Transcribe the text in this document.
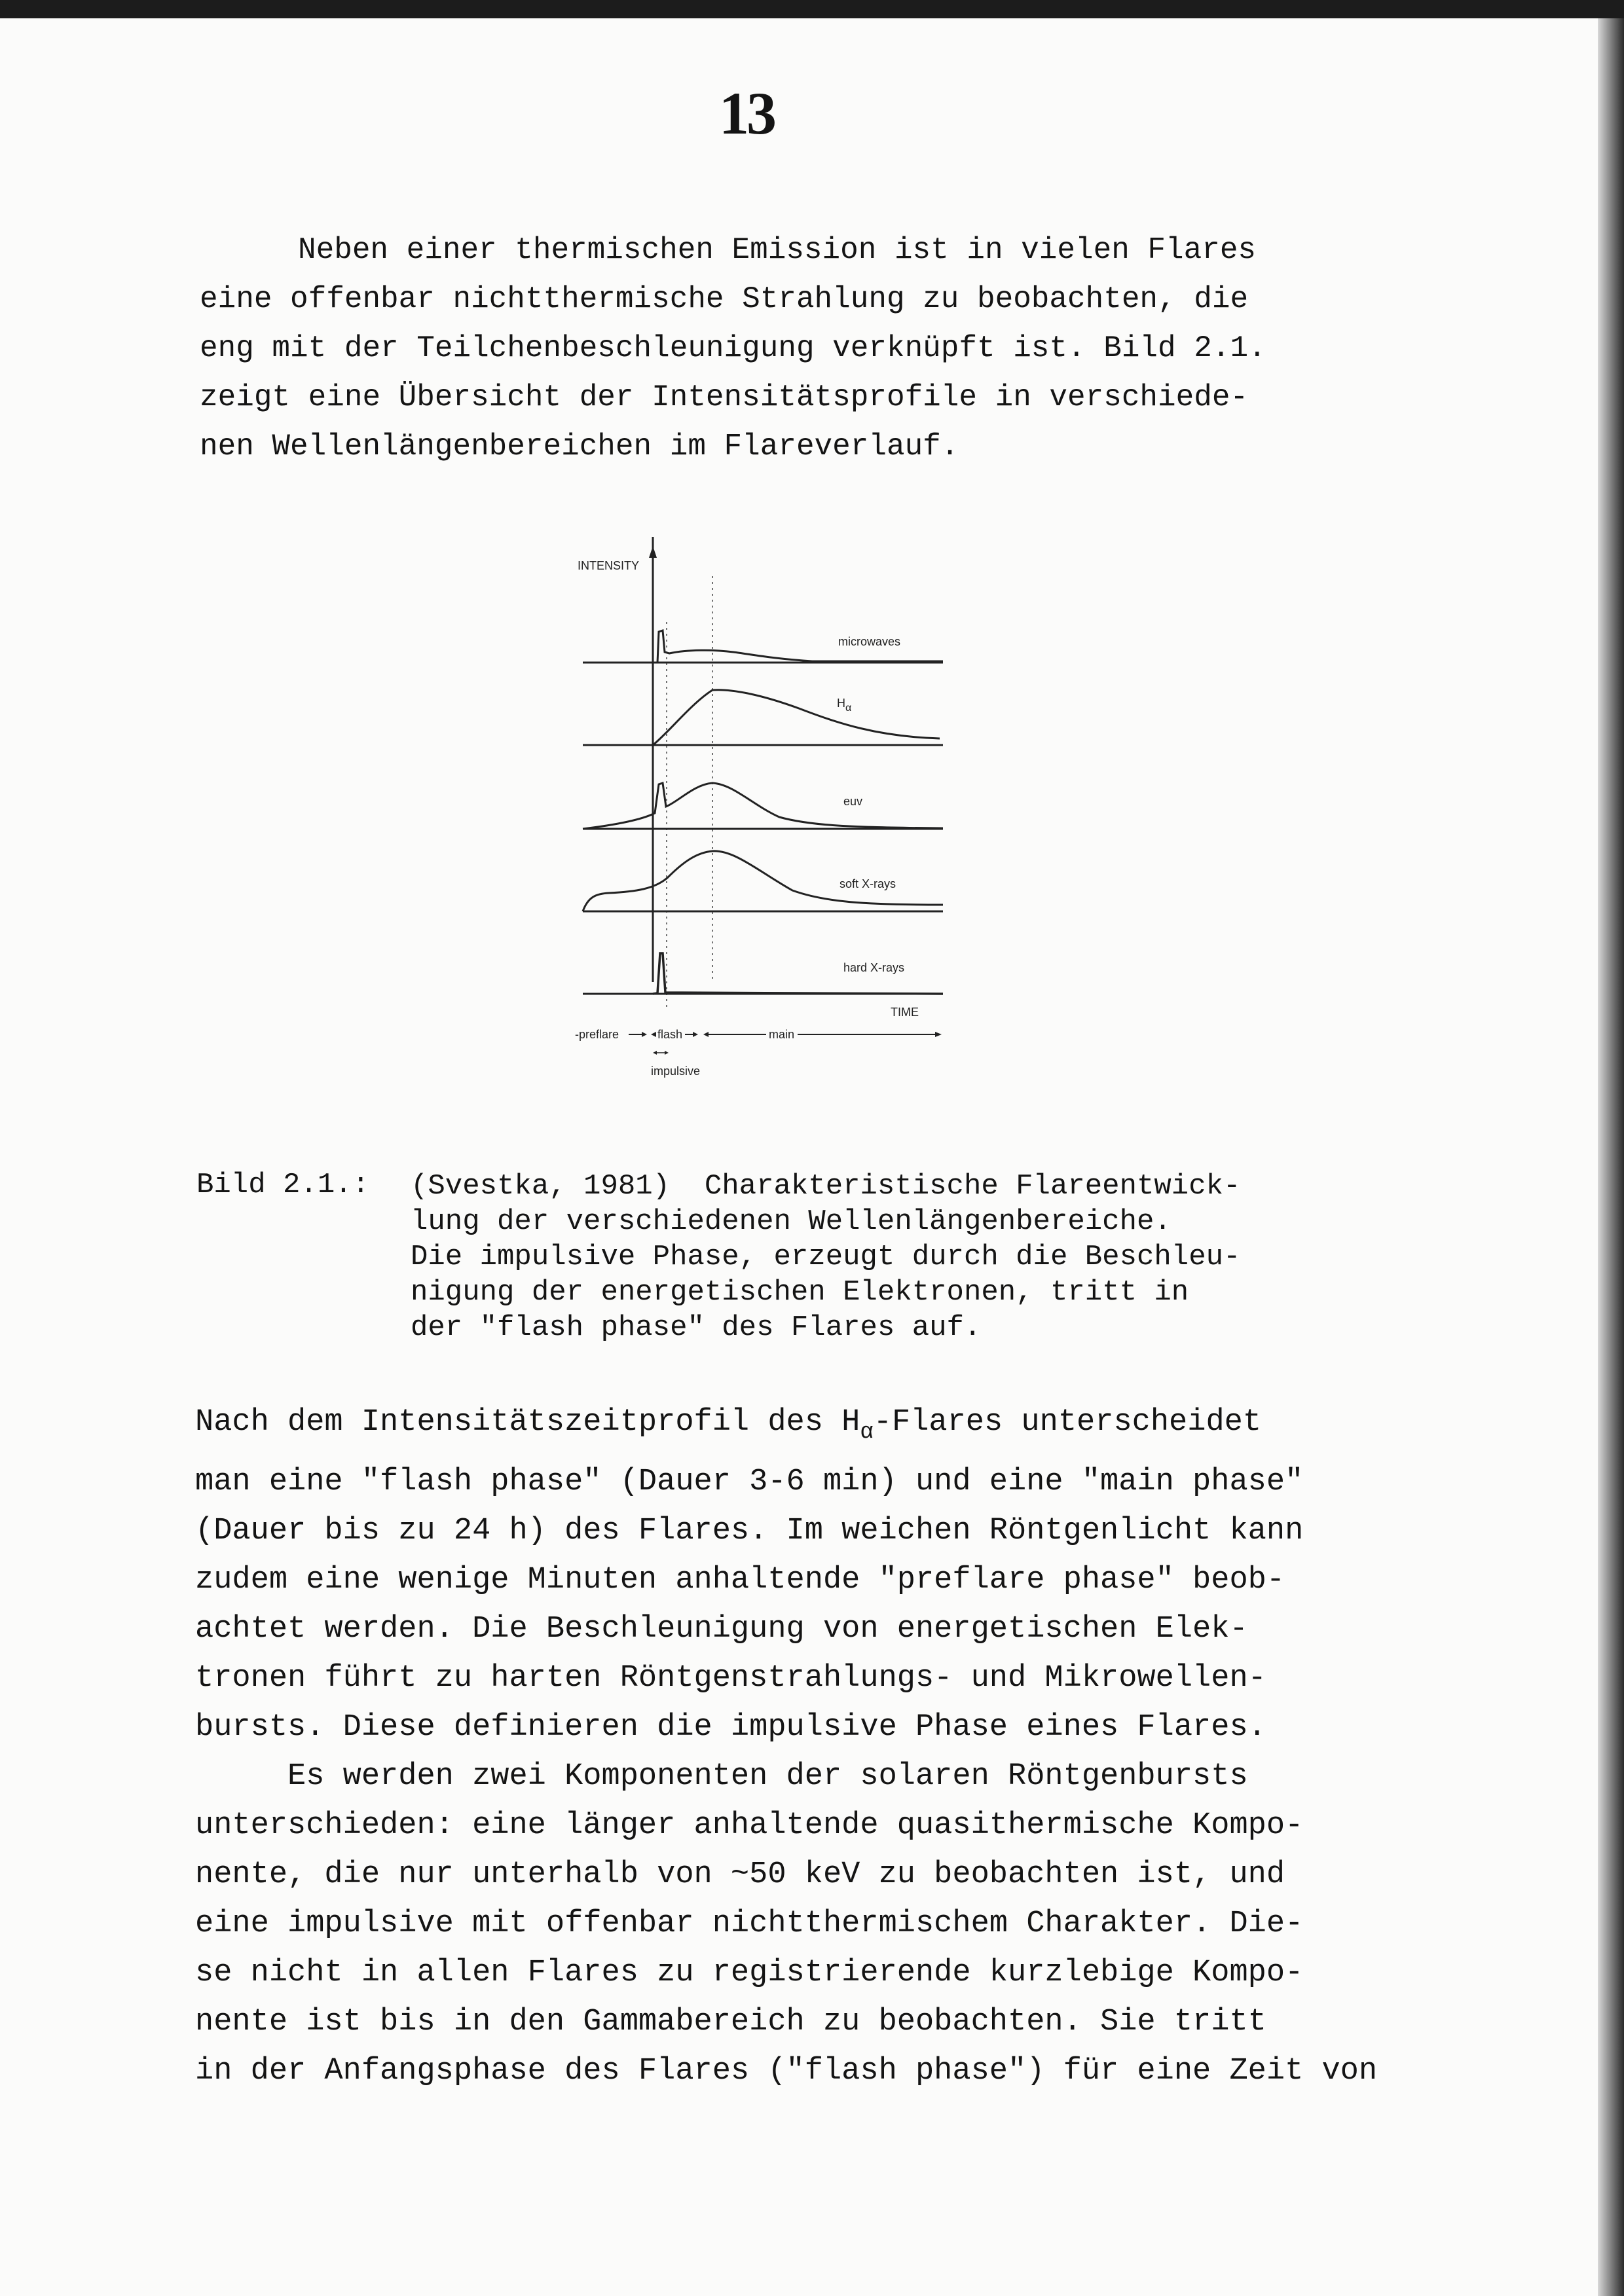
13
Neben einer thermischen Emission ist in vielen Flares
eine offenbar nichtthermische Strahlung zu beobachten, die
eng mit der Teilchenbeschleunigung verknüpft ist. Bild 2.1.
zeigt eine Übersicht der Intensitätsprofile in verschiede-
nen Wellenlängenbereichen im Flareverlauf.
INTENSITY
microwaves
Hα
euv
soft X-rays
hard X-rays
TIME
-preflare	flash	main
impulsive
Bild 2.1.: (Svestka, 1981)  Charakteristische Flareentwick-
lung der verschiedenen Wellenlängenbereiche.
Die impulsive Phase, erzeugt durch die Beschleu-
nigung der energetischen Elektronen, tritt in
der "flash phase" des Flares auf.
Nach dem Intensitätszeitprofil des $H_\alpha$-Flares unterscheidet
man eine "flash phase" (Dauer 3-6 min) und eine "main phase"
(Dauer bis zu 24 h) des Flares. Im weichen Röntgenlicht kann
zudem eine wenige Minuten anhaltende "preflare phase" beob-
achtet werden. Die Beschleunigung von energetischen Elek-
tronen führt zu harten Röntgenstrahlungs- und Mikrowellen-
bursts. Diese definieren die impulsive Phase eines Flares.
Es werden zwei Komponenten der solaren Röntgenbursts
unterschieden: eine länger anhaltende quasithermische Kompo-
nente, die nur unterhalb von ~50 keV zu beobachten ist, und
eine impulsive mit offenbar nichtthermischem Charakter. Die-
se nicht in allen Flares zu registrierende kurzlebige Kompo-
nente ist bis in den Gammabereich zu beobachten. Sie tritt
in der Anfangsphase des Flares ("flash phase") für eine Zeit von
